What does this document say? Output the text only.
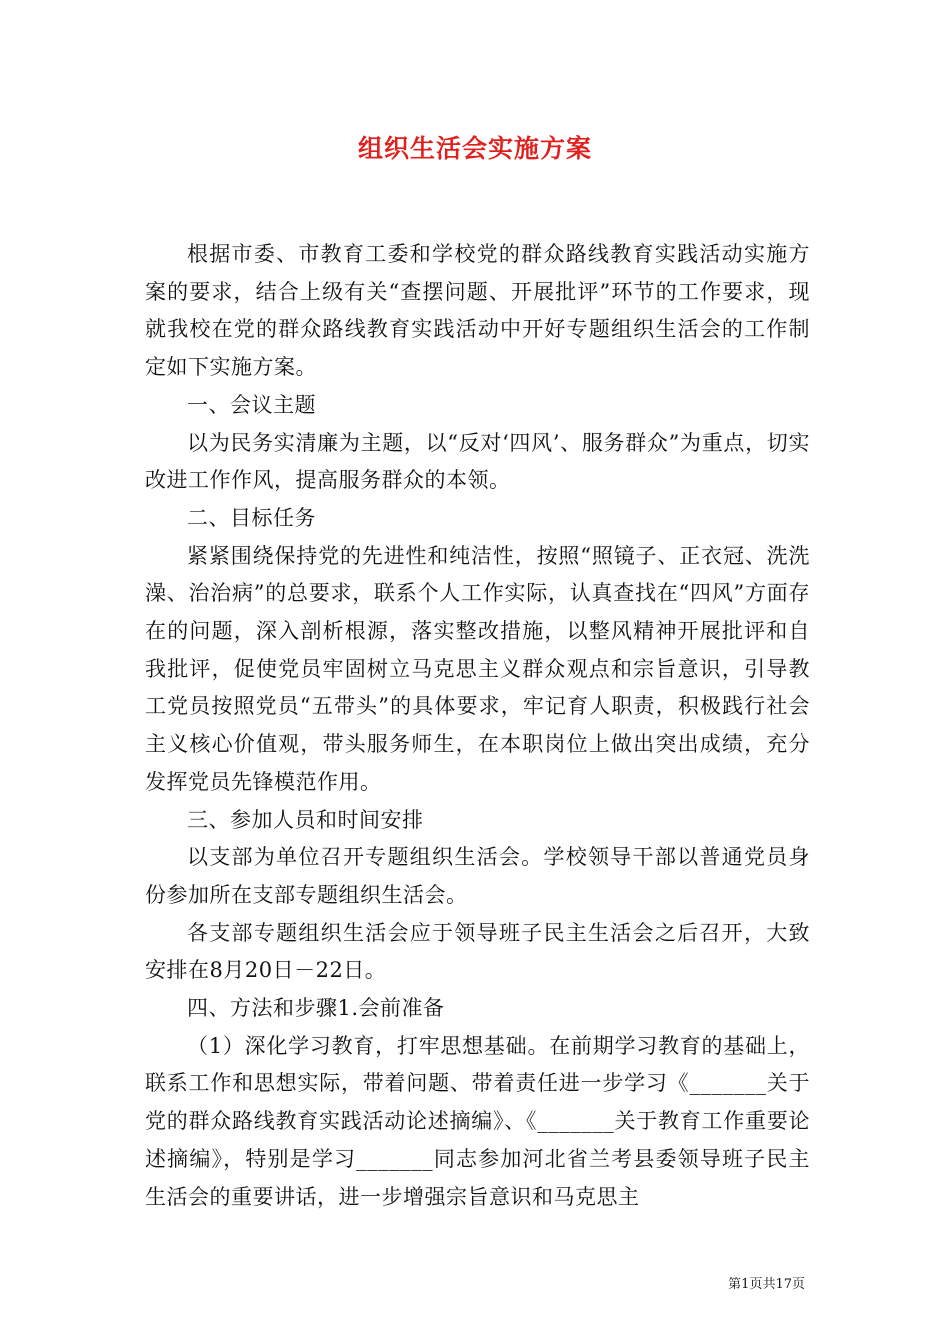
组织生活会实施方案

根据市委、市教育工委和学校党的群众路线教育实践活动实施方案的要求，结合上级有关“查摆问题、开展批评”环节的工作要求，现就我校在党的群众路线教育实践活动中开好专题组织生活会的工作制定如下实施方案。

一、会议主题

以为民务实清廉为主题，以“反对‘四风’、服务群众”为重点，切实改进工作作风，提高服务群众的本领。

二、目标任务

紧紧围绕保持党的先进性和纯洁性，按照“照镜子、正衣冠、洗洗澡、治治病”的总要求，联系个人工作实际，认真查找在“四风”方面存在的问题，深入剖析根源，落实整改措施，以整风精神开展批评和自我批评，促使党员牢固树立马克思主义群众观点和宗旨意识，引导教工党员按照党员“五带头”的具体要求，牢记育人职责，积极践行社会主义核心价值观，带头服务师生，在本职岗位上做出突出成绩，充分发挥党员先锋模范作用。

三、参加人员和时间安排

以支部为单位召开专题组织生活会。学校领导干部以普通党员身份参加所在支部专题组织生活会。

各支部专题组织生活会应于领导班子民主生活会之后召开，大致安排在8月20日－22日。

四、方法和步骤1.会前准备

（1）深化学习教育，打牢思想基础。在前期学习教育的基础上，联系工作和思想实际，带着问题、带着责任进一步学习《_______关于党的群众路线教育实践活动论述摘编》、《_______关于教育工作重要论述摘编》，特别是学习_______同志参加河北省兰考县委领导班子民主生活会的重要讲话，进一步增强宗旨意识和马克思主

第1页共17页
